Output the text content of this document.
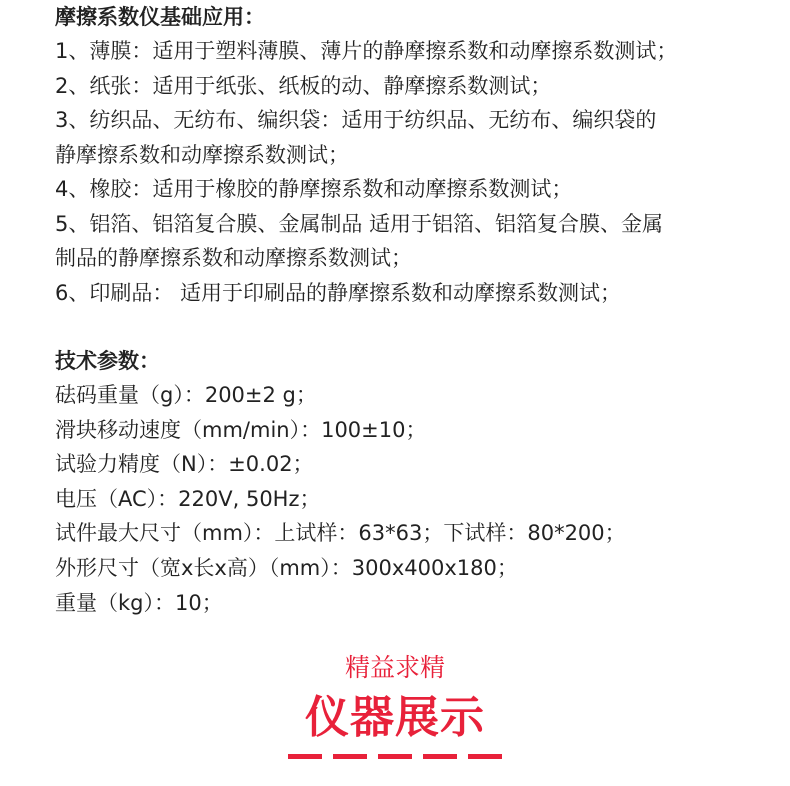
摩擦系数仪基础应用：

1、薄膜：适用于塑料薄膜、薄片的静摩擦系数和动摩擦系数测试；

2、纸张：适用于纸张、纸板的动、静摩擦系数测试；

3、纺织品、无纺布、编织袋：适用于纺织品、无纺布、编织袋的

静摩擦系数和动摩擦系数测试；

4、橡胶：适用于橡胶的静摩擦系数和动摩擦系数测试；

5、铝箔、铝箔复合膜、金属制品 适用于铝箔、铝箔复合膜、金属

制品的静摩擦系数和动摩擦系数测试；

6、印刷品： 适用于印刷品的静摩擦系数和动摩擦系数测试；

技术参数：

砝码重量（g）：200±2 g；

滑块移动速度（mm/min）：100±10；

试验力精度（N）：±0.02；

电压（AC）：220V, 50Hz；

试件最大尺寸（mm）：上试样：63*63；下试样：80*200；

外形尺寸（宽x长x高）（mm）：300x400x180；

重量（kg）：10；

精益求精

仪器展示
